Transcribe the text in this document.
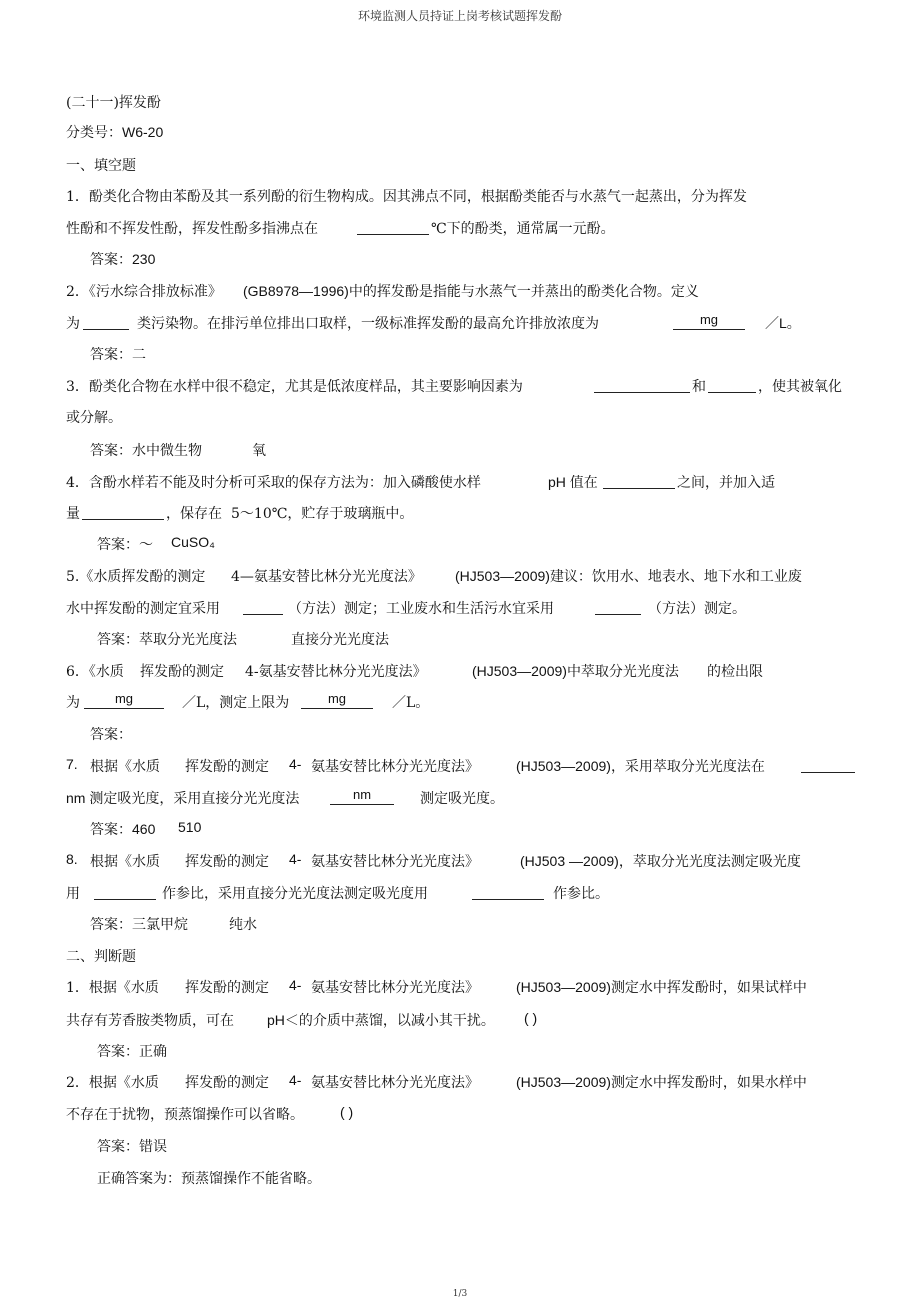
环境监测人员持证上岗考核试题挥发酚
(二十一)挥发酚
分类号：W6-20
一、填空题
1．酚类化合物由苯酚及其一系列酚的衍生物构成。因其沸点不同，根据酚类能否与水蒸气一起蒸出，分为挥发
性酚和不挥发性酚，挥发性酚多指沸点在	℃下的酚类，通常属一元酚。
答案：230
2．《污水综合排放标准》 (GB8978—1996)中的挥发酚是指能与水蒸气一并蒸出的酚类化合物。定义
为	类污染物。在排污单位排出口取样，一级标准挥发酚的最高允许排放浓度为	mg	／L。
答案：二
3．酚类化合物在水样中很不稳定，尤其是低浓度样品，其主要影响因素为	和	，使其被氧化
或分解。
答案：水中微生物	氧
4．含酚水样若不能及时分析可采取的保存方法为：加入磷酸使水样	pH 值在	之间，并加入适
量	，保存在 5～10℃，贮存于玻璃瓶中。
答案：～ CuSO₄
5.《水质挥发酚的测定 4—氨基安替比林分光光度法》 (HJ503—2009)建议：饮用水、地表水、地下水和工业废
水中挥发酚的测定宜采用	（方法）测定；工业废水和生活污水宜采用	（方法）测定。
答案：萃取分光光度法	直接分光光度法
6．《水质 挥发酚的测定 4-氨基安替比林分光光度法》	(HJ503—2009)中萃取分光光度法 的检出限
为	mg	／L，测定上限为	mg	／L。
答案：
7. 根据《水质 挥发酚的测定 4- 氨基安替比林分光光度法》	(HJ503—2009)，采用萃取分光光度法在
nm 测定吸光度，采用直接分光光度法	nm	测定吸光度。
答案：460 510
8. 根据《水质 挥发酚的测定 4- 氨基安替比林分光光度法》	(HJ503 —2009)，萃取分光光度法测定吸光度
用	作参比，采用直接分光光度法测定吸光度用	作参比。
答案：三氯甲烷	纯水
二、判断题
1．根据《水质 挥发酚的测定 4- 氨基安替比林分光光度法》	(HJ503—2009)测定水中挥发酚时，如果试样中
共存有芳香胺类物质，可在 pH＜的介质中蒸馏，以减小其干扰。 ( )
答案：正确
2．根据《水质 挥发酚的测定 4- 氨基安替比林分光光度法》	(HJ503—2009)测定水中挥发酚时，如果水样中
不存在于扰物，预蒸馏操作可以省略。	( )
答案：错误
正确答案为：预蒸馏操作不能省略。
1/3
